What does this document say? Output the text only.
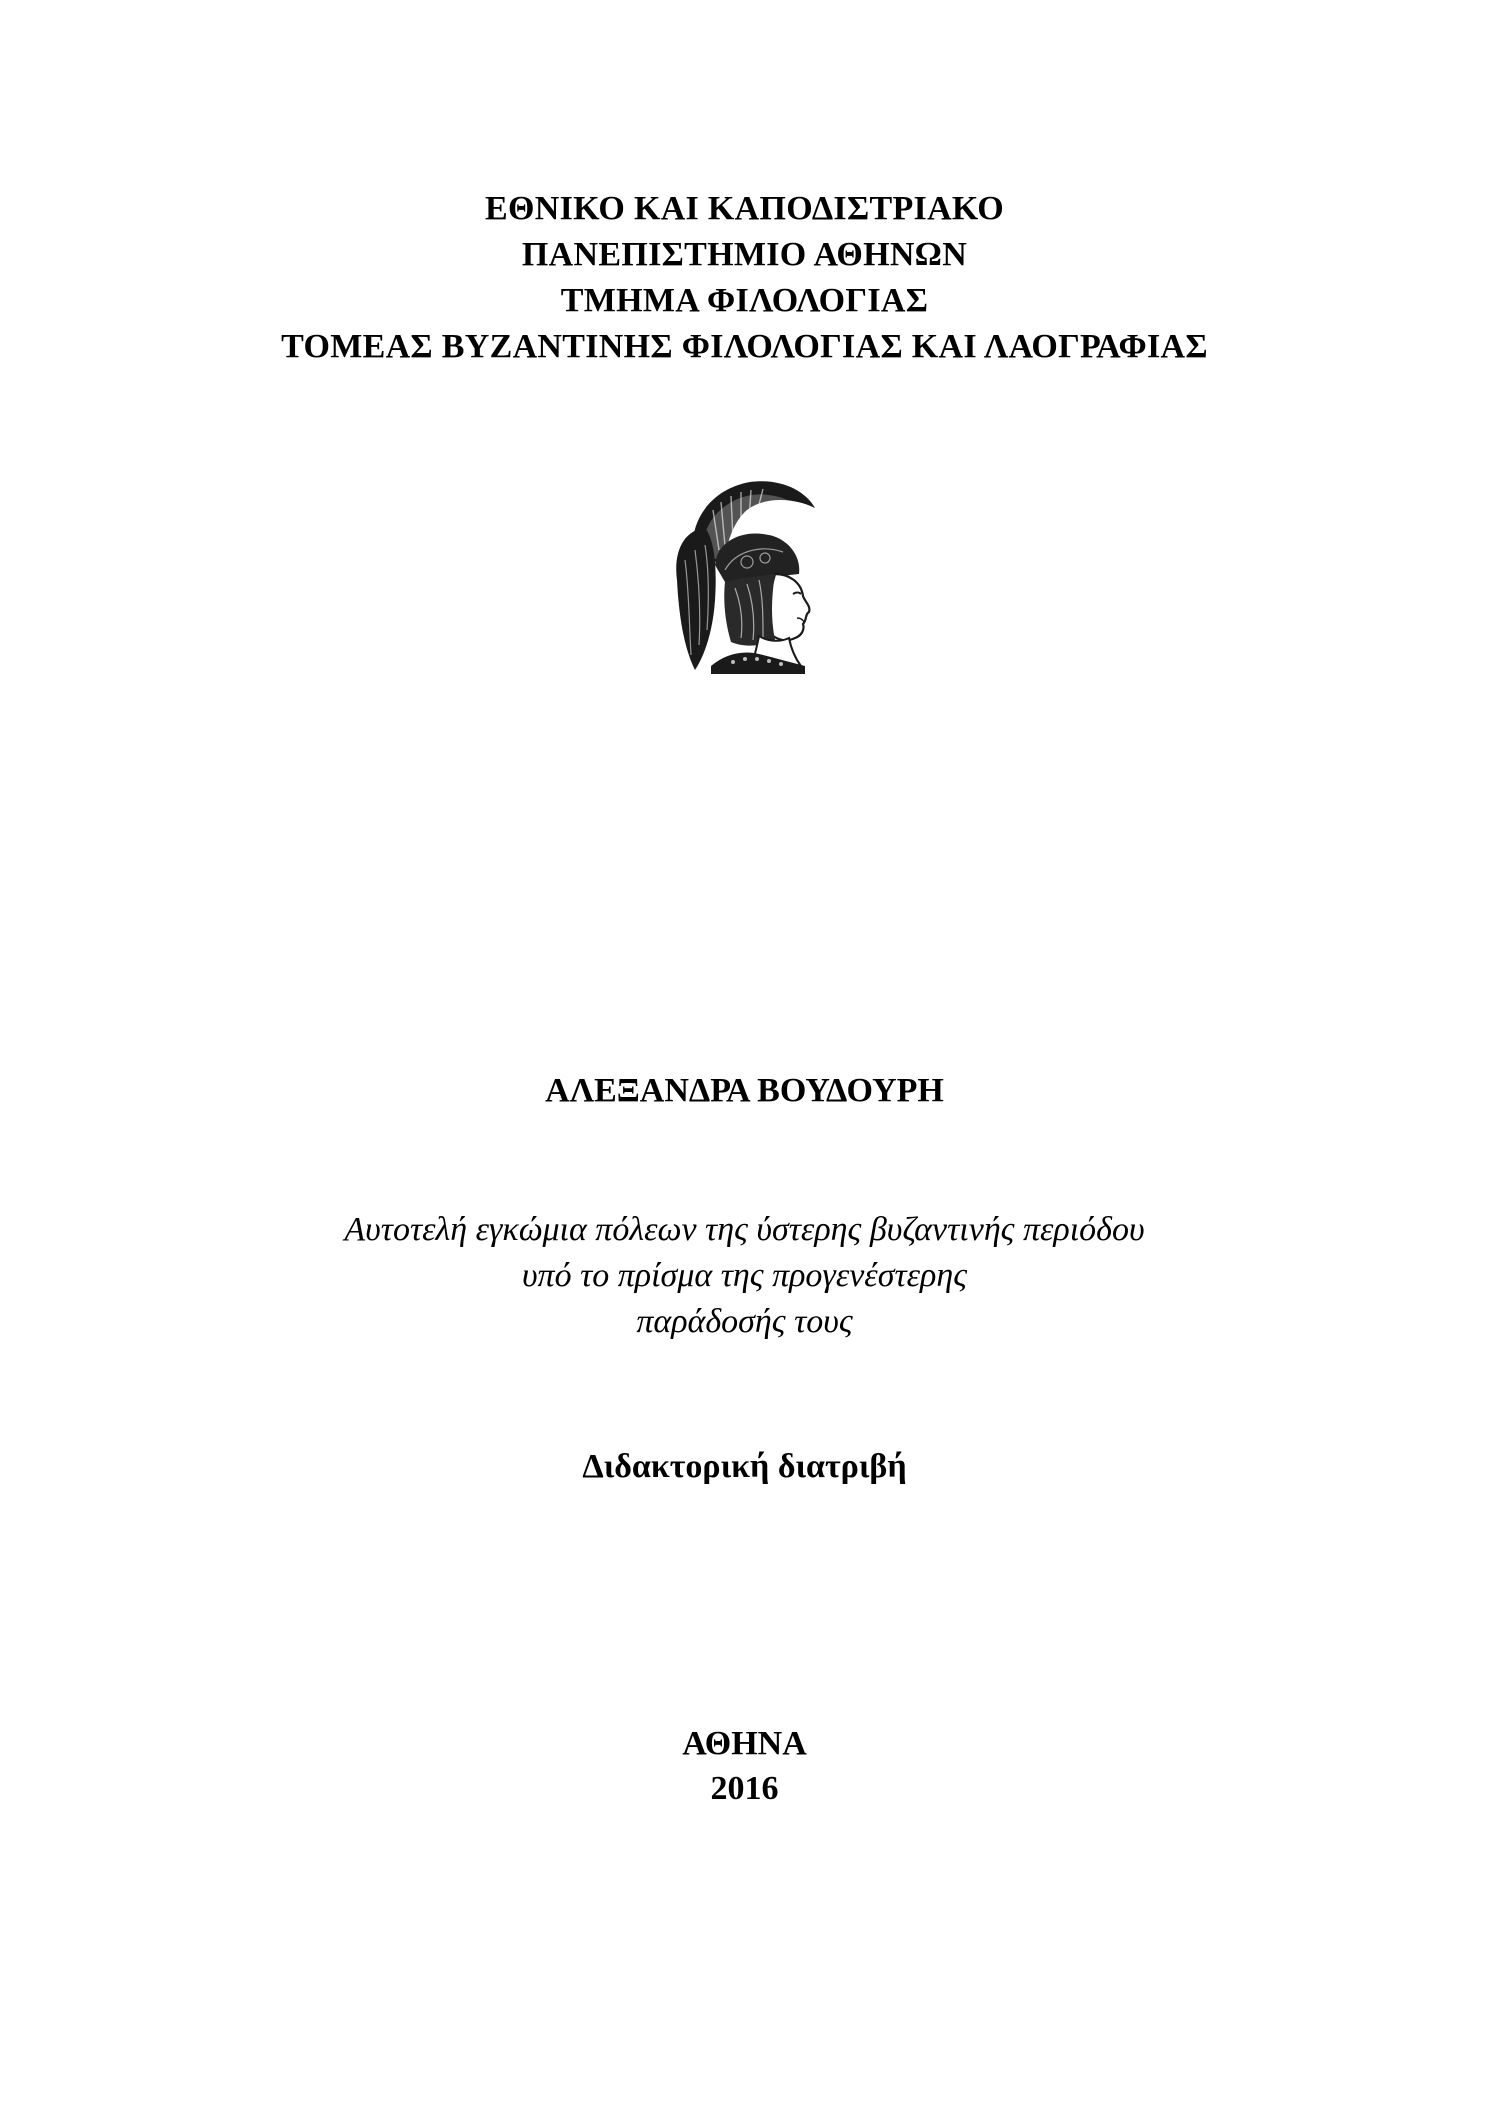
ΕΘΝΙΚΟ ΚΑΙ ΚΑΠΟΔΙΣΤΡΙΑΚΟ
ΠΑΝΕΠΙΣΤΗΜΙΟ ΑΘΗΝΩΝ
ΤΜΗΜΑ ΦΙΛΟΛΟΓΙΑΣ
ΤΟΜΕΑΣ ΒΥΖΑΝΤΙΝΗΣ ΦΙΛΟΛΟΓΙΑΣ ΚΑΙ ΛΑΟΓΡΑΦΙΑΣ
ΑΛΕΞΑΝΔΡΑ ΒΟΥΔΟΥΡΗ
Αυτοτελή εγκώμια πόλεων της ύστερης βυζαντινής περιόδου
υπό το πρίσμα της προγενέστερης
παράδοσής τους
Διδακτορική διατριβή
ΑΘΗΝΑ
2016
